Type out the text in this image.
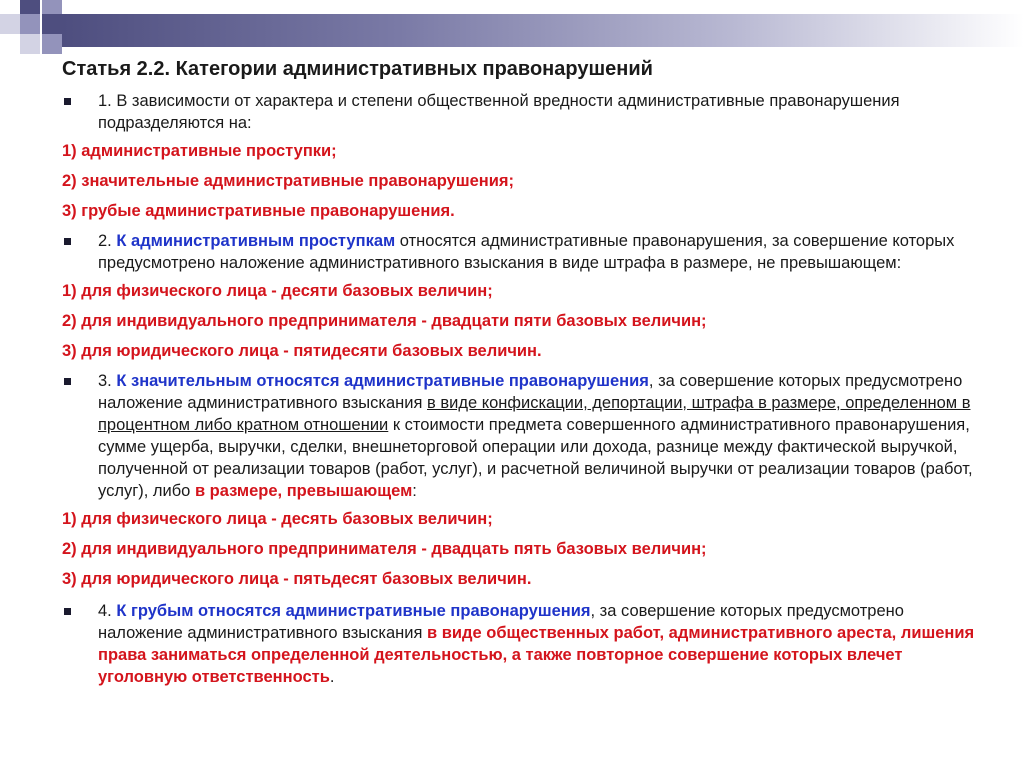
Статья 2.2. Категории административных правонарушений
1. В зависимости от характера и степени общественной вредности административные правонарушения подразделяются на:
1) административные проступки;
2) значительные административные правонарушения;
3) грубые административные правонарушения.
2. К административным проступкам относятся административные правонарушения, за совершение которых предусмотрено наложение административного взыскания в виде штрафа в размере, не превышающем:
1) для физического лица - десяти базовых величин;
2) для индивидуального предпринимателя - двадцати пяти базовых величин;
3) для юридического лица - пятидесяти базовых величин.
3. К значительным относятся административные правонарушения, за совершение которых предусмотрено наложение административного взыскания в виде конфискации, депортации, штрафа в размере, определенном в процентном либо кратном отношении к стоимости предмета совершенного административного правонарушения, сумме ущерба, выручки, сделки, внешнеторговой операции или дохода, разнице между фактической выручкой, полученной от реализации товаров (работ, услуг), и расчетной величиной выручки от реализации товаров (работ, услуг), либо в размере, превышающем:
1) для физического лица - десять базовых величин;
2) для индивидуального предпринимателя - двадцать пять базовых величин;
3) для юридического лица - пятьдесят базовых величин.
4. К грубым относятся административные правонарушения, за совершение которых предусмотрено наложение административного взыскания в виде общественных работ, административного ареста, лишения права заниматься определенной деятельностью, а также повторное совершение которых влечет уголовную ответственность.
